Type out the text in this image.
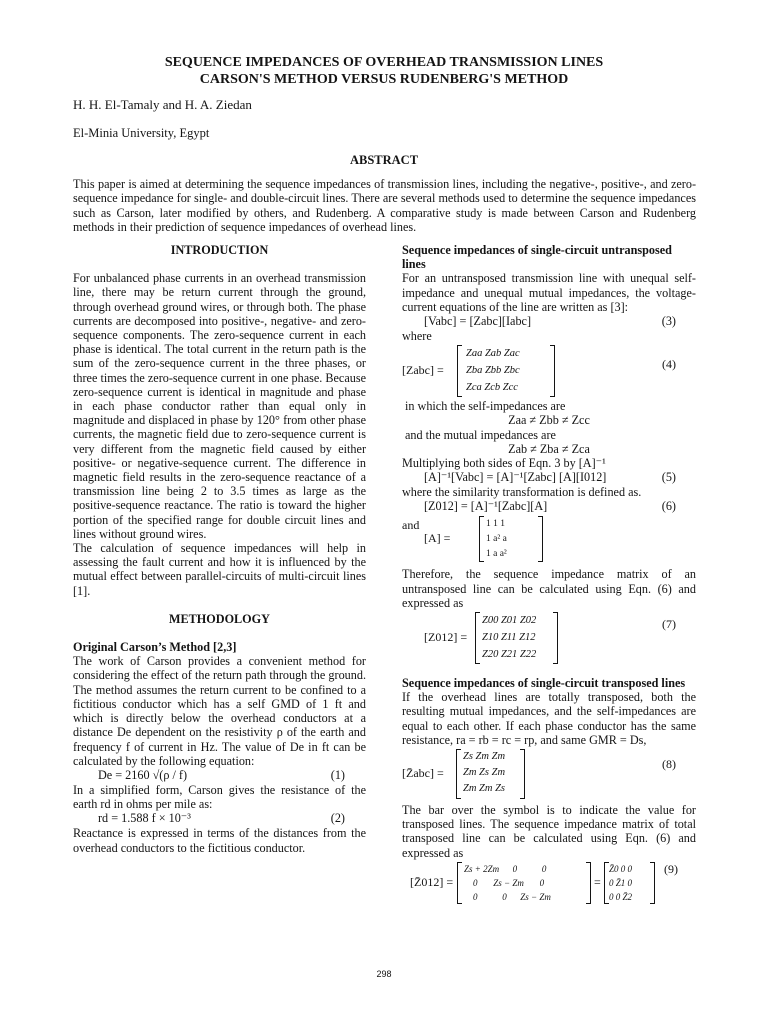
SEQUENCE IMPEDANCES OF OVERHEAD TRANSMISSION LINES
CARSON'S METHOD VERSUS RUDENBERG'S METHOD
H. H. El-Tamaly and H. A. Ziedan
El-Minia University, Egypt
ABSTRACT
This paper is aimed at determining the sequence impedances of transmission lines, including the negative-, positive-, and zero-sequence impedance for single- and double-circuit lines. There are several methods used to determine the sequence impedances such as Carson, later modified by others, and Rudenberg. A comparative study is made between Carson and Rudenberg methods in their prediction of sequence impedances of overhead lines.

INTRODUCTION

For unbalanced phase currents in an overhead transmission line, there may be return current through the ground, through overhead ground wires, or through both. The phase currents are decomposed into positive-, negative- and zero-sequence components. The zero-sequence current in each phase is identical. The total current in the return path is the sum of the zero-sequence current in the three phases, or three times the zero-sequence current in one phase. Because zero-sequence current is identical in magnitude and phase in each phase conductor rather than equal only in magnitude and displaced in phase by 120° from other phase currents, the magnetic field due to zero-sequence current is very different from the magnetic field caused by either positive- or negative-sequence current. The difference in magnetic field results in the zero-sequence reactance of a transmission line being 2 to 3.5 times as large as the positive-sequence reactance. The ratio is toward the higher portion of the specified range for double circuit lines and lines without ground wires.

The calculation of sequence impedances will help in assessing the fault current and how it is influenced by the mutual effect between parallel-circuits of multi-circuit lines [1].

METHODOLOGY

Original Carson’s Method [2,3]

The work of Carson provides a convenient method for considering the effect of the return path through the ground. The method assumes the return current to be confined to a fictitious conductor which has a self GMD of 1 ft and which is directly below the overhead conductors at a distance De dependent on the resistivity ρ of the earth and frequency f of current in Hz. The value of De in ft can be calculated by the following equation:

De = 2160 √(ρ / f)	(1)

In a simplified form, Carson gives the resistance of the earth rd in ohms per mile as:

rd = 1.588 f × 10⁻³	(2)

Reactance is expressed in terms of the distances from the overhead conductors to the fictitious conductor.

Sequence impedances of single-circuit untransposed lines

For an untransposed transmission line with unequal self-impedance and unequal mutual impedances, the voltage-current equations of the line are written as [3]:

[Vabc] = [Zabc][Iabc]	(3)

where

[Zabc] =
Zaa Zab Zac
Zba Zbb Zbc
Zca Zcb Zcc
(4)

in which the self-impedances are

Zaa ≠ Zbb ≠ Zcc

and the mutual impedances are

Zab ≠ Zba ≠ Zca

Multiplying both sides of Eqn. 3 by [A]⁻¹

[A]⁻¹[Vabc] = [A]⁻¹[Zabc] [A][I012]	(5)

where the similarity transformation is defined as.

[Z012] = [A]⁻¹[Zabc][A]	(6)
and
[A] =
1 1 1
1 a² a
1 a a²

Therefore, the sequence impedance matrix of an untransposed line can be calculated using Eqn. (6) and expressed as

[Z012] =
Z00 Z01 Z02
Z10 Z11 Z12
Z20 Z21 Z22
(7)

Sequence impedances of single-circuit transposed lines

If the overhead lines are totally transposed, both the resulting mutual impedances, and the self-impedances are equal to each other. If each phase conductor has the same resistance, ra = rb = rc = rp, and same GMR = Ds,

[Z̄abc] =
Zs Zm Zm
Zm Zs Zm
Zm Zm Zs
(8)

The bar over the symbol is to indicate the value for transposed lines. The sequence impedance matrix of total transposed line can be calculated using Eqn. (6) and expressed as

[Z̄012] =
Zs + 2Zm      0           0
0       Zs − Zm       0
0           0      Zs − Zm
=
Z̄0 0 0
0 Z̄1 0
0 0 Z̄2
(9)
298
